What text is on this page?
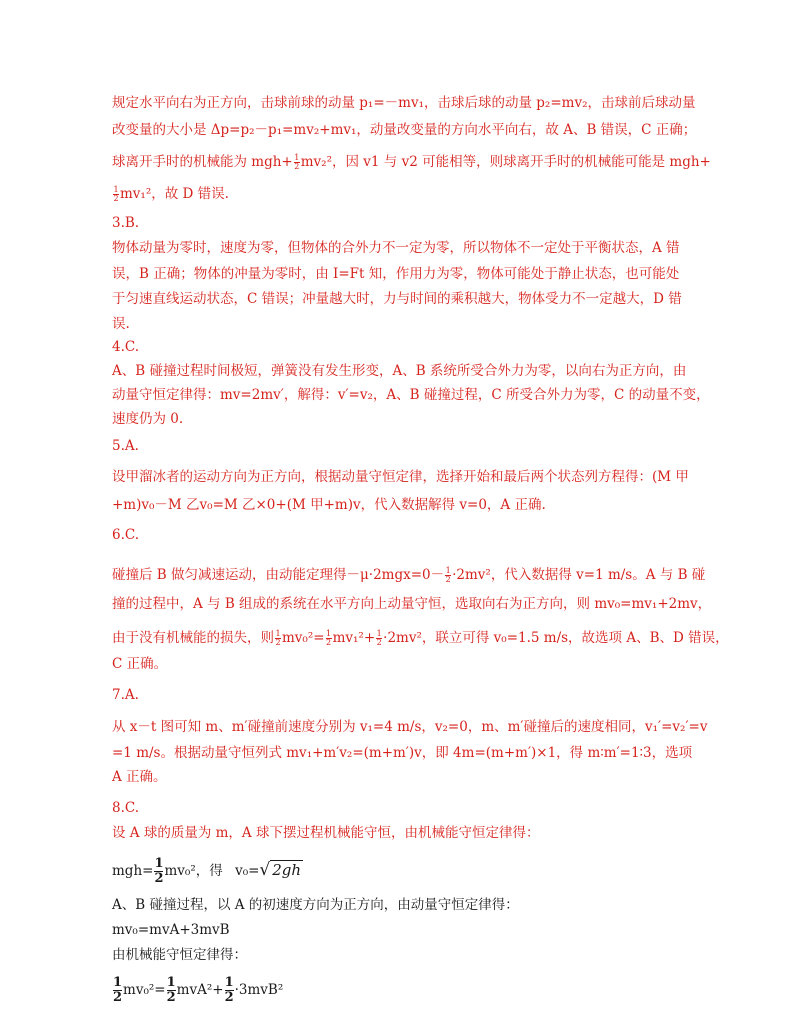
规定水平向右为正方向，击球前球的动量 p₁=－mv₁，击球后球的动量 p₂=mv₂，击球前后球动量
改变量的大小是 Δp=p₂－p₁=mv₂+mv₁，动量改变量的方向水平向右，故 A、B 错误，C 正确；
球离开手时的机械能为 $mgh+ \frac{1}{2} mv_2^2$，因 v1 与 v2 可能相等，则球离开手时的机械能可能是 mgh+
$\frac{1}{2} mv_1^2$，故 D 错误.
3.B.
物体动量为零时，速度为零，但物体的合外力不一定为零，所以物体不一定处于平衡状态，A 错
误，B 正确；物体的冲量为零时，由 I=Ft 知，作用力为零，物体可能处于静止状态，也可能处
于匀速直线运动状态，C 错误；冲量越大时，力与时间的乘积越大，物体受力不一定越大，D 错
误.
4.C.
A、B 碰撞过程时间极短，弹簧没有发生形变，A、B 系统所受合外力为零，以向右为正方向，由
动量守恒定律得：mv=2mv′，解得：v′=v₂，A、B 碰撞过程，C 所受合外力为零，C 的动量不变，
速度仍为 0.
5.A.
设甲溜冰者的运动方向为正方向，根据动量守恒定律，选择开始和最后两个状态列方程得：(M 甲
+m)v₀－M 乙v₀=M 乙×0+(M 甲+m)v，代入数据解得 v=0，A 正确.
6.C.
碰撞后 B 做匀减速运动，由动能定理得$-\mu\cdot 2mgx=0- \frac{1}{2} \cdot 2mv^2$，代入数据得 v=1 m/s。A 与 B 碰
撞的过程中，A 与 B 组成的系统在水平方向上动量守恒，选取向右为正方向，则 mv₀=mv₁+2mv，
由于没有机械能的损失，则 $\frac{1}{2} mv_0^2= \frac{1}{2} mv_1^2+ \frac{1}{2} \cdot 2mv^2$，联立可得 v₀=1.5 m/s，故选项 A、B、D 错误，
C 正确。
7.A.
从 x－t 图可知 m、m′碰撞前速度分别为 v₁=4 m/s，v₂=0，m、m′碰撞后的速度相同，v₁′=v₂′=v
=1 m/s。根据动量守恒列式 mv₁+m′v₂=(m+m′)v，即 4m=(m+m′)×1，得 m∶m′=1∶3，选项
A 正确。
8.C.
设 A 球的质量为 m，A 球下摆过程机械能守恒，由机械能守恒定律得：
$mgh= \frac{1}{2} mv_0^2$，得 v₀=√ 2gh
A、B 碰撞过程，以 A 的初速度方向为正方向，由动量守恒定律得：
mv₀=mvA+3mvB
由机械能守恒定律得：
$\frac{1}{2} mv_0^2= \frac{1}{2} mvA^2+ \frac{1}{2} \cdot 3mvB^2$
